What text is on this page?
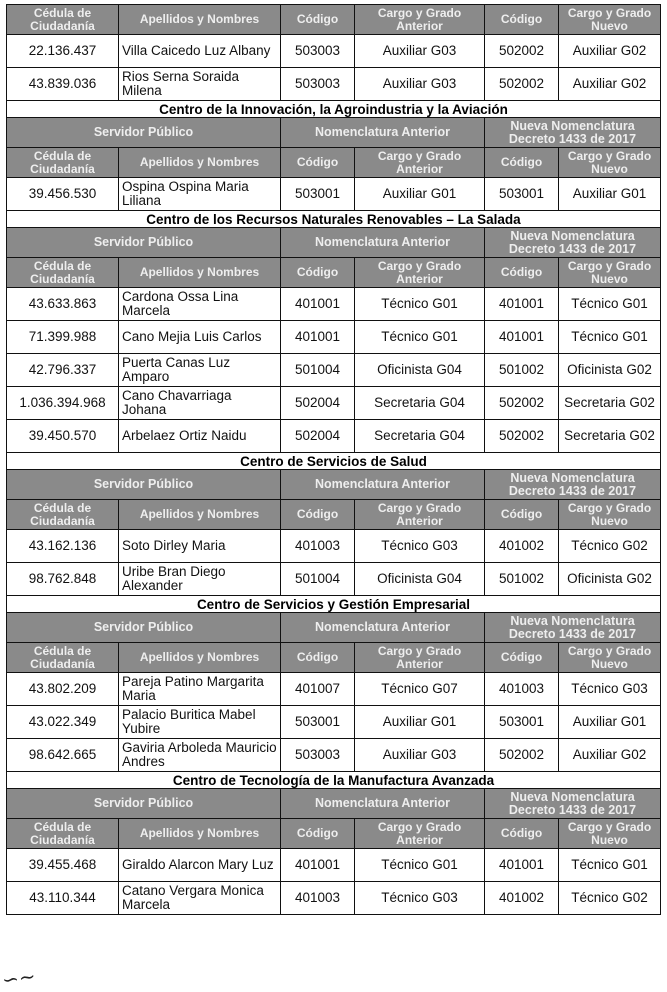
Cédula de Ciudadanía	Apellidos y Nombres	Código	Cargo y Grado Anterior	Código	Cargo y Grado Nuevo
22.136.437	Villa Caicedo Luz Albany	503003	Auxiliar G03	502002	Auxiliar G02
43.839.036	Rios Serna Soraida Milena	503003	Auxiliar G03	502002	Auxiliar G02
Centro de la Innovación, la Agroindustria y la Aviación					
Servidor Público		Nomenclatura Anterior		Nueva Nomenclatura Decreto 1433 de 2017	
Cédula de Ciudadanía	Apellidos y Nombres	Código	Cargo y Grado Anterior	Código	Cargo y Grado Nuevo
39.456.530	Ospina Ospina Maria Liliana	503001	Auxiliar G01	503001	Auxiliar G01
Centro de los Recursos Naturales Renovables – La Salada					
Servidor Público		Nomenclatura Anterior		Nueva Nomenclatura Decreto 1433 de 2017	
Cédula de Ciudadanía	Apellidos y Nombres	Código	Cargo y Grado Anterior	Código	Cargo y Grado Nuevo
43.633.863	Cardona Ossa Lina Marcela	401001	Técnico G01	401001	Técnico G01
71.399.988	Cano Mejia Luis Carlos	401001	Técnico G01	401001	Técnico G01
42.796.337	Puerta Canas Luz Amparo	501004	Oficinista G04	501002	Oficinista G02
1.036.394.968	Cano Chavarriaga Johana	502004	Secretaria G04	502002	Secretaria G02
39.450.570	Arbelaez Ortiz Naidu	502004	Secretaria G04	502002	Secretaria G02
Centro de Servicios de Salud					
Servidor Público		Nomenclatura Anterior		Nueva Nomenclatura Decreto 1433 de 2017	
Cédula de Ciudadanía	Apellidos y Nombres	Código	Cargo y Grado Anterior	Código	Cargo y Grado Nuevo
43.162.136	Soto Dirley Maria	401003	Técnico G03	401002	Técnico G02
98.762.848	Uribe Bran Diego Alexander	501004	Oficinista G04	501002	Oficinista G02
Centro de Servicios y Gestión Empresarial					
Servidor Público		Nomenclatura Anterior		Nueva Nomenclatura Decreto 1433 de 2017	
Cédula de Ciudadanía	Apellidos y Nombres	Código	Cargo y Grado Anterior	Código	Cargo y Grado Nuevo
43.802.209	Pareja Patino Margarita Maria	401007	Técnico G07	401003	Técnico G03
43.022.349	Palacio Buritica Mabel Yubire	503001	Auxiliar G01	503001	Auxiliar G01
98.642.665	Gaviria Arboleda Mauricio Andres	503003	Auxiliar G03	502002	Auxiliar G02
Centro de Tecnología de la Manufactura Avanzada					
Servidor Público		Nomenclatura Anterior		Nueva Nomenclatura Decreto 1433 de 2017	
Cédula de Ciudadanía	Apellidos y Nombres	Código	Cargo y Grado Anterior	Código	Cargo y Grado Nuevo
39.455.468	Giraldo Alarcon Mary Luz	401001	Técnico G01	401001	Técnico G01
43.110.344	Catano Vergara Monica Marcela	401003	Técnico G03	401002	Técnico G02
∽∼
